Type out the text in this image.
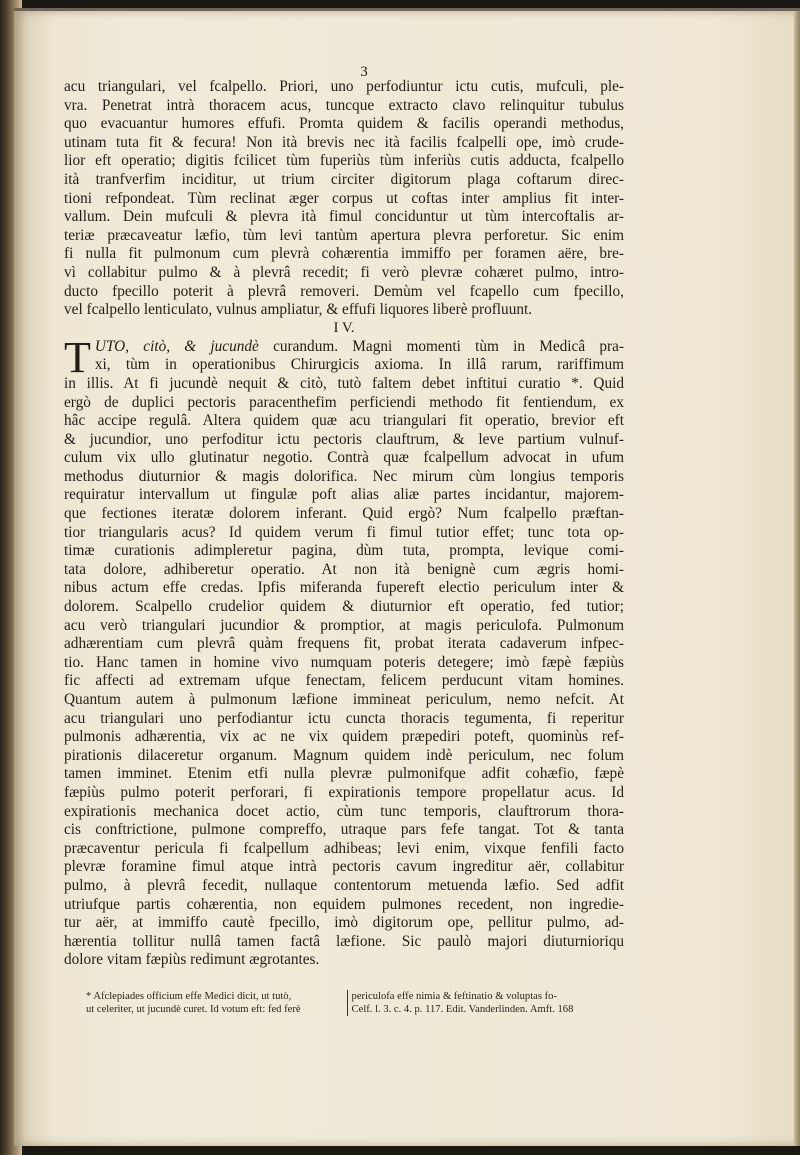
3

acu triangulari, vel fcalpello. Priori, uno perfodiuntur ictu cutis, mufculi, ple-

vra. Penetrat intrà thoracem acus, tuncque extracto clavo relinquitur tubulus

quo evacuantur humores effufi. Promta quidem & facilis operandi methodus,

utinam tuta fit & fecura! Non ità brevis nec ità facilis fcalpelli ope, imò crude-

lior eft operatio; digitis fcilicet tùm fuperiùs tùm inferiùs cutis adducta, fcalpello

ità tranfverfim inciditur, ut trium circiter digitorum plaga coftarum direc-

tioni refpondeat. Tùm reclinat æger corpus ut coftas inter amplius fit inter-

vallum. Dein mufculi & plevra ità fimul conciduntur ut tùm intercoftalis ar-

teriæ præcaveatur læfio, tùm levi tantùm apertura plevra perforetur. Sic enim

fi nulla fit pulmonum cum plevrà cohærentia immiffo per foramen aëre, bre-

vì collabitur pulmo & à plevrâ recedit; fi verò plevræ cohæret pulmo, intro-

ducto fpecillo poterit à plevrâ removeri. Demùm vel fcapello cum fpecillo,

vel fcalpello lenticulato, vulnus ampliatur, & effufi liquores liberè profluunt.

I V.
T UTO, citò, & jucundè curandum. Magni momenti tùm in Medicâ pra-

xi, tùm in operationibus Chirurgicis axioma. In illâ rarum, rariffimum

in illis. At fi jucundè nequit & citò, tutò faltem debet inftitui curatio *. Quid

ergò de duplici pectoris paracenthefim perficiendi methodo fit fentiendum, ex

hâc accipe regulâ. Altera quidem quæ acu triangulari fit operatio, brevior eft

& jucundior, uno perfoditur ictu pectoris clauftrum, & leve partium vulnuf-

culum vix ullo glutinatur negotio. Contrà quæ fcalpellum advocat in ufum

methodus diuturnior & magis dolorifica. Nec mirum cùm longius temporis

requiratur intervallum ut fingulæ poft alias aliæ partes incidantur, majorem-

que fectiones iteratæ dolorem inferant. Quid ergò? Num fcalpello præftan-

tior triangularis acus? Id quidem verum fi fimul tutior effet; tunc tota op-

timæ curationis adimpleretur pagina, dùm tuta, prompta, levique comi-

tata dolore, adhiberetur operatio. At non ità benignè cum ægris homi-

nibus actum effe credas. Ipfis miferanda fupereft electio periculum inter &

dolorem. Scalpello crudelior quidem & diuturnior eft operatio, fed tutior;

acu verò triangulari jucundior & promptior, at magis periculofa. Pulmonum

adhærentiam cum plevrâ quàm frequens fit, probat iterata cadaverum infpec-

tio. Hanc tamen in homine vivo numquam poteris detegere; imò fæpè fæpiùs

fic affecti ad extremam ufque fenectam, felicem perducunt vitam homines.

Quantum autem à pulmonum læfione immineat periculum, nemo nefcit. At

acu triangulari uno perfodiantur ictu cuncta thoracis tegumenta, fi reperitur

pulmonis adhærentia, vix ac ne vix quidem præpediri poteft, quominùs ref-

pirationis dilaceretur organum. Magnum quidem indè periculum, nec folum

tamen imminet. Etenim etfi nulla plevræ pulmonifque adfit cohæfio, fæpè

fæpiùs pulmo poterit perforari, fi expirationis tempore propellatur acus. Id

expirationis mechanica docet actio, cùm tunc temporis, clauftrorum thora-

cis conftrictione, pulmone compreffo, utraque pars fefe tangat. Tot & tanta

præcaventur pericula fi fcalpellum adhibeas; levi enim, vixque fenfili facto

plevræ foramine fimul atque intrà pectoris cavum ingreditur aër, collabitur

pulmo, à plevrâ fecedit, nullaque contentorum metuenda læfio. Sed adfit

utriufque partis cohærentia, non equidem pulmones recedent, non ingredie-

tur aër, at immiffo cautè fpecillo, imò digitorum ope, pellitur pulmo, ad-

hærentia tollitur nullâ tamen factâ læfione. Sic paulò majori diuturnioriqu

dolore vitam fæpiùs redimunt ægrotantes.

* Afclepiades officium effe Medici dicit, ut tutò,

ut celeriter, ut jucundè curet. Id votum eft: fed ferè

periculofa effe nimia & feftinatio & voluptas fo-

Celf. l. 3. c. 4. p. 117. Edit. Vanderlinden. Amft. 168
